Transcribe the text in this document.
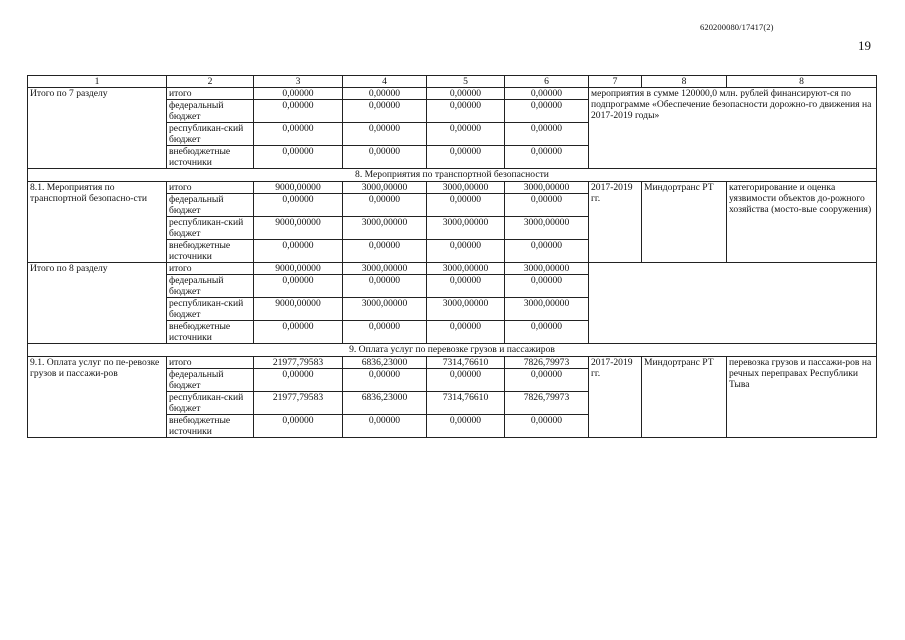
620200080/17417(2)
19
1	2	3	4	5	6	7	8	8
Итого по 7 разделу	итого	0,00000	0,00000	0,00000	0,00000	мероприятия в сумме 120000,0 млн. рублей финансируют-ся по подпрограмме «Обеспечение безопасности дорожно-го движения на 2017-2019 годы»		
	федеральный бюджет	0,00000	0,00000	0,00000	0,00000			
	республикан-ский бюджет	0,00000	0,00000	0,00000	0,00000			
	внебюджетные источники	0,00000	0,00000	0,00000	0,00000			
8. Мероприятия по транспортной безопасности								
8.1. Мероприятия по транспортной безопасно-сти	итого	9000,00000	3000,00000	3000,00000	3000,00000	2017-2019 гг.	Миндортранс РТ	категорирование и оценка уязвимости объектов до-рожного хозяйства (мосто-вые сооружения)
	федеральный бюджет	0,00000	0,00000	0,00000	0,00000			
	республикан-ский бюджет	9000,00000	3000,00000	3000,00000	3000,00000			
	внебюджетные источники	0,00000	0,00000	0,00000	0,00000			
Итого по 8 разделу	итого	9000,00000	3000,00000	3000,00000	3000,00000			
	федеральный бюджет	0,00000	0,00000	0,00000	0,00000			
	республикан-ский бюджет	9000,00000	3000,00000	3000,00000	3000,00000			
	внебюджетные источники	0,00000	0,00000	0,00000	0,00000			
9. Оплата услуг по перевозке грузов и пассажиров								
9.1. Оплата услуг по пе-ревозке грузов и пассажи-ров	итого	21977,79583	6836,23000	7314,76610	7826,79973	2017-2019 гг.	Миндортранс РТ	перевозка грузов и пассажи-ров на речных переправах Республики Тыва
	федеральный бюджет	0,00000	0,00000	0,00000	0,00000			
	республикан-ский бюджет	21977,79583	6836,23000	7314,76610	7826,79973			
	внебюджетные источники	0,00000	0,00000	0,00000	0,00000			
